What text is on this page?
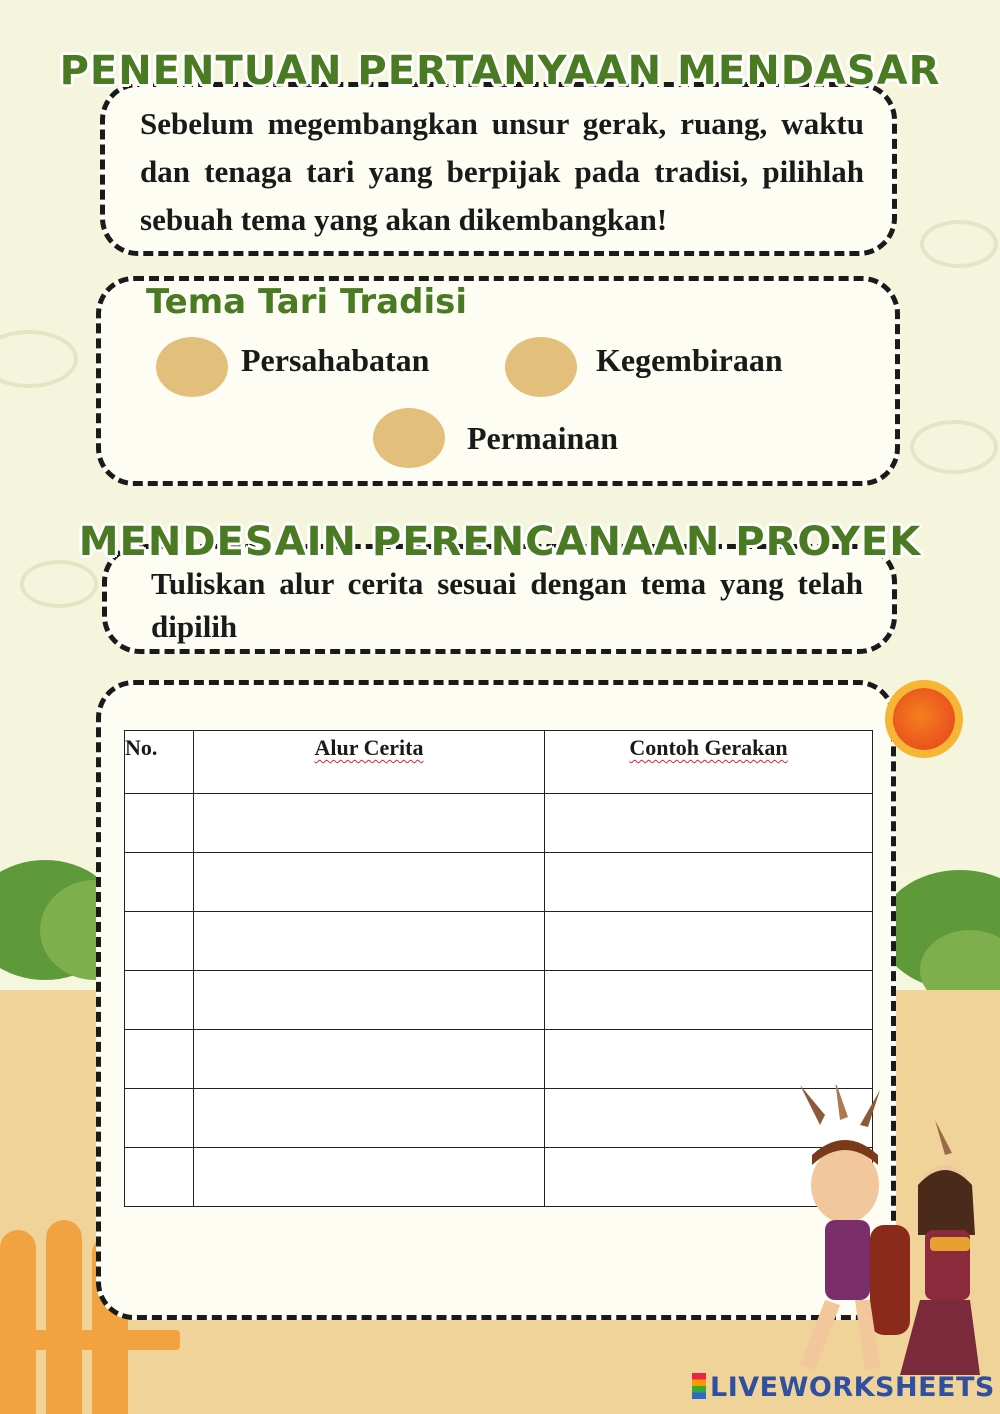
PENENTUAN PERTANYAAN MENDASAR
Sebelum megembangkan unsur gerak, ruang, waktu dan tenaga tari yang berpijak pada tradisi, pilihlah sebuah tema yang akan dikembangkan!
Tema Tari Tradisi
Persahabatan	Kegembiraan
Permainan
MENDESAIN PERENCANAAN PROYEK
Tuliskan alur cerita sesuai dengan tema yang telah dipilih
No.	Alur Cerita	Contoh Gerakan

LIVEWORKSHEETS
